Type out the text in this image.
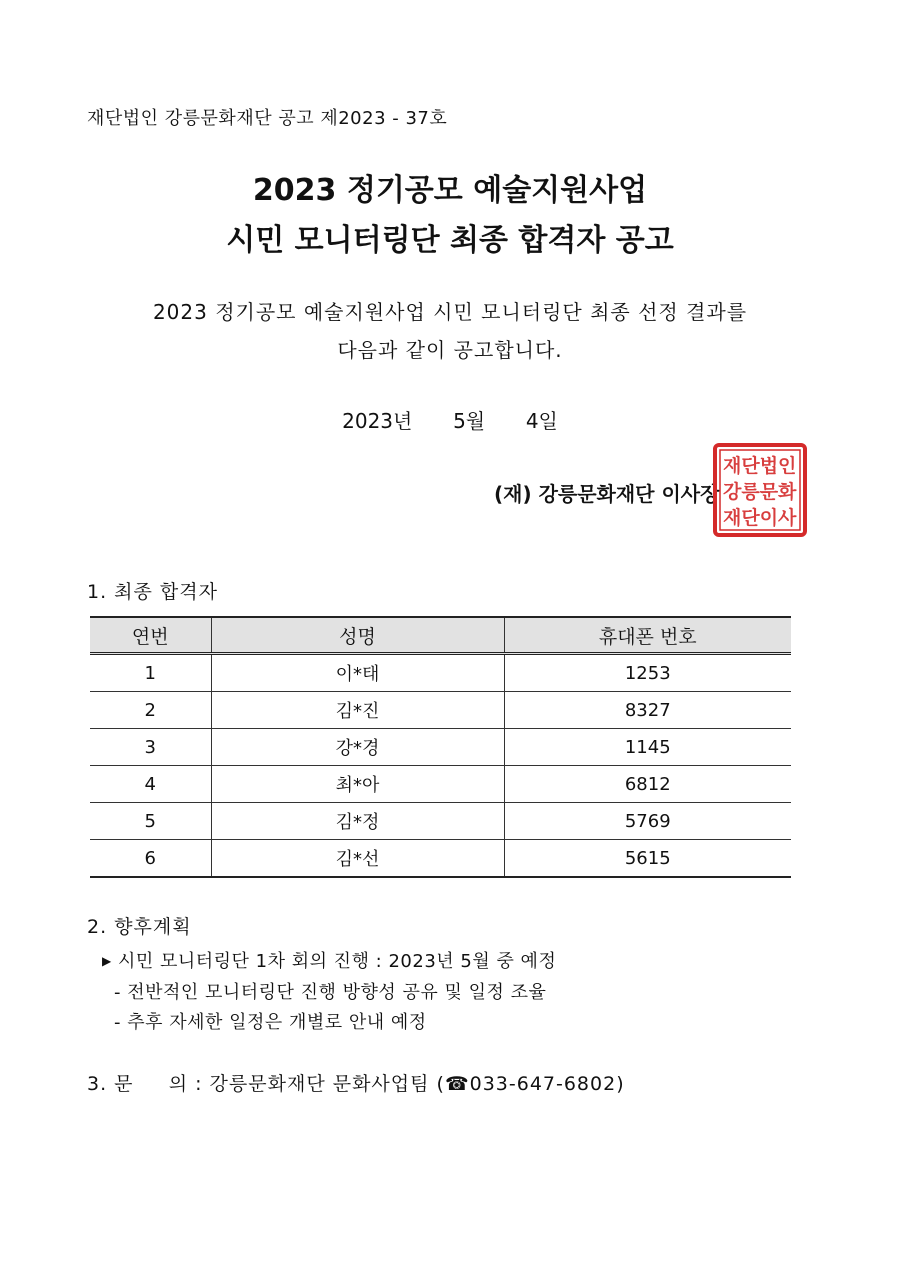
재단법인 강릉문화재단 공고 제2023 - 37호
2023 정기공모 예술지원사업
시민 모니터링단 최종 합격자 공고
2023 정기공모 예술지원사업 시민 모니터링단 최종 선정 결과를
다음과 같이 공고합니다.
2023년 5월 4일
(재) 강릉문화재단 이사장
재단법인
강릉문화
재단이사
1. 최종 합격자
연번	성명	휴대폰 번호
1	이*태	1253
2	김*진	8327
3	강*경	1145
4	최*아	6812
5	김*정	5769
6	김*선	5615
2. 향후계획
▶ 시민 모니터링단 1차 회의 진행 : 2023년 5월 중 예정
- 전반적인 모니터링단 진행 방향성 공유 및 일정 조율
- 추후 자세한 일정은 개별로 안내 예정
3. 문     의 : 강릉문화재단 문화사업팀 (☎033-647-6802)
